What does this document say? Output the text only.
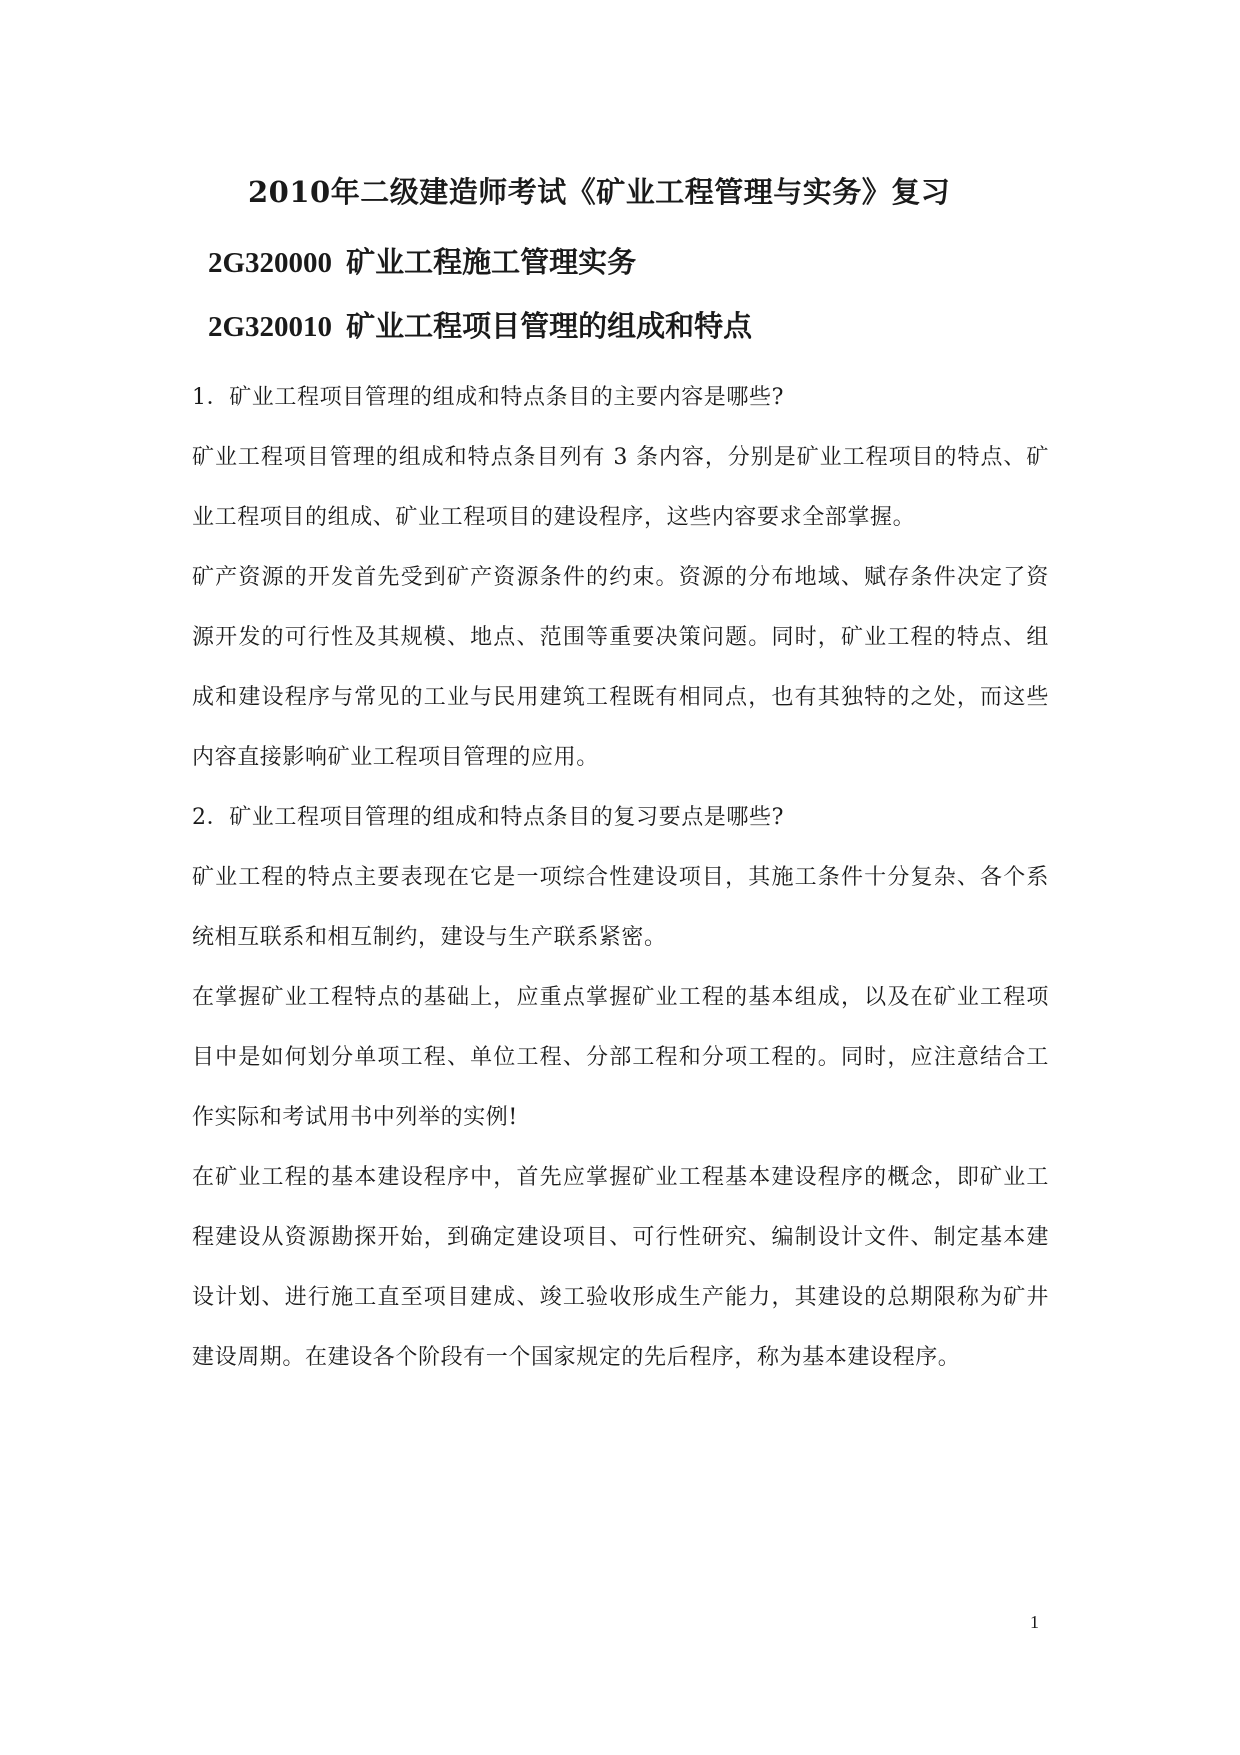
2010年二级建造师考试《矿业工程管理与实务》复习
2G320000 矿业工程施工管理实务
2G320010 矿业工程项目管理的组成和特点

1．矿业工程项目管理的组成和特点条目的主要内容是哪些?

矿业工程项目管理的组成和特点条目列有 3 条内容，分别是矿业工程项目的特点、矿业工程项目的组成、矿业工程项目的建设程序，这些内容要求全部掌握。

矿产资源的开发首先受到矿产资源条件的约束。资源的分布地域、赋存条件决定了资源开发的可行性及其规模、地点、范围等重要决策问题。同时，矿业工程的特点、组成和建设程序与常见的工业与民用建筑工程既有相同点，也有其独特的之处，而这些内容直接影响矿业工程项目管理的应用。

2．矿业工程项目管理的组成和特点条目的复习要点是哪些?

矿业工程的特点主要表现在它是一项综合性建设项目，其施工条件十分复杂、各个系统相互联系和相互制约，建设与生产联系紧密。

在掌握矿业工程特点的基础上，应重点掌握矿业工程的基本组成，以及在矿业工程项目中是如何划分单项工程、单位工程、分部工程和分项工程的。同时，应注意结合工作实际和考试用书中列举的实例!

在矿业工程的基本建设程序中，首先应掌握矿业工程基本建设程序的概念，即矿业工程建设从资源勘探开始，到确定建设项目、可行性研究、编制设计文件、制定基本建设计划、进行施工直至项目建成、竣工验收形成生产能力，其建设的总期限称为矿井建设周期。在建设各个阶段有一个国家规定的先后程序，称为基本建设程序。

1
